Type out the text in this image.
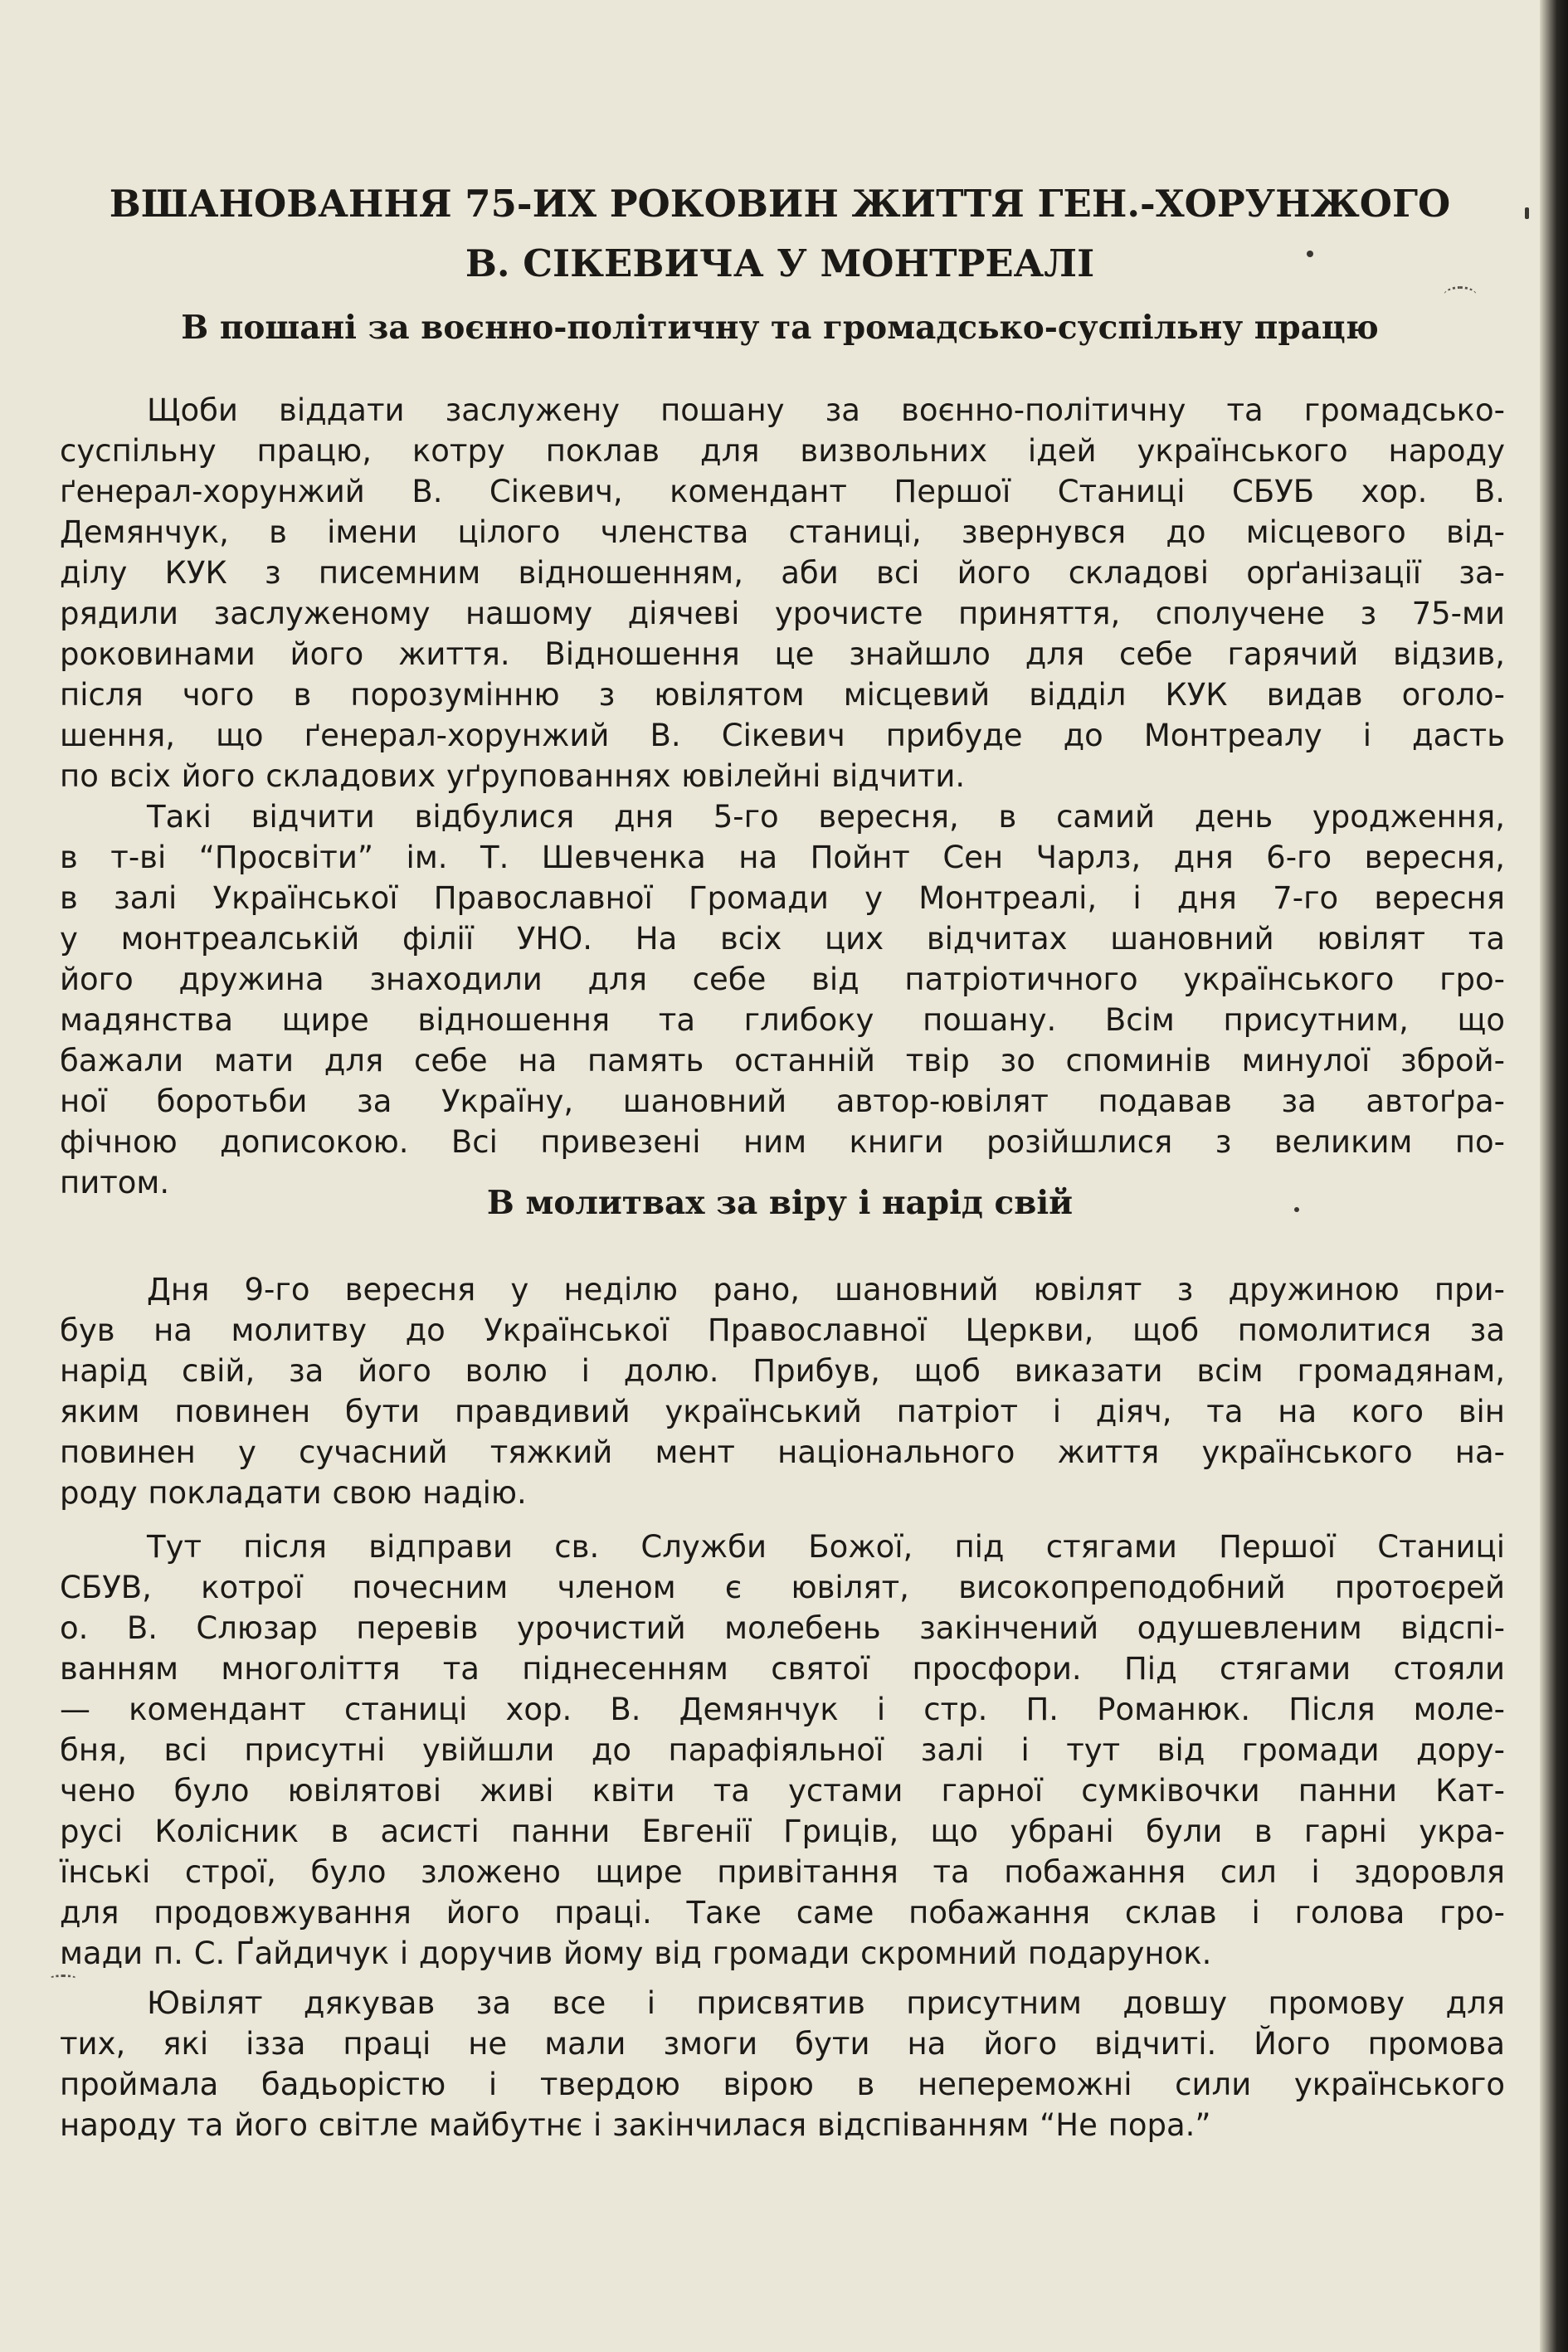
ВШАНОВАННЯ 75-ИХ РОКОВИН ЖИТТЯ ГЕН.-ХОРУНЖОГО
В. СІКЕВИЧА У МОНТРЕАЛІ
В пошані за воєнно-політичну та громадсько-суспільну працю

Щоби віддати заслужену пошану за воєнно-політичну та громадсько-
суспільну працю, котру поклав для визвольних ідей українського народу
ґенерал-хорунжий В. Сікевич, комендант Першої Станиці СБУБ хор. В.
Демянчук, в імени цілого членства станиці, звернувся до місцевого від-
ділу КУК з писемним відношенням, аби всі його складові орґанізації за-
рядили заслуженому нашому діячеві урочисте приняття, сполучене з 75-ми
роковинами його життя. Відношення це знайшло для себе гарячий відзив,
після чого в порозумінню з ювілятом місцевий відділ КУК видав оголо-
шення, що ґенерал-хорунжий В. Сікевич прибуде до Монтреалу і дасть
по всіх його складових уґрупованнях ювілейні відчити.

Такі відчити відбулися дня 5-го вересня, в самий день уродження,
в т-ві “Просвіти” ім. Т. Шевченка на Пойнт Сен Чарлз, дня 6-го вересня,
в залі Української Православної Громади у Монтреалі, і дня 7-го вересня
у монтреалській філії УНО. На всіх цих відчитах шановний ювілят та
його дружина знаходили для себе від патріотичного українського гро-
мадянства щире відношення та глибоку пошану. Всім присутним, що
бажали мати для себе на память останній твір зо споминів минулої збрoй-
ної боротьби за Україну, шановний автор-ювілят подавав за автоґра-
фічною дописокою. Всі привезені ним книги розійшлися з великим по-
питом.

В молитвах за віру і нарід свій

Дня 9-го вересня у неділю рано, шановний ювілят з дружиною при-
був на молитву до Української Православної Церкви, щоб помолитися за
нарід свій, за його волю і долю. Прибув, щоб виказати всім громадянам,
яким повинен бути правдивий український патріот і діяч, та на кого він
повинен у сучасний тяжкий мент національного життя українського на-
роду покладати свою надію.

Тут після відправи св. Служби Божої, під стягами Першої Станиці
СБУВ, котрої почесним членом є ювілят, високопреподобний протоєрей
о. В. Слюзар перевів урочистий молебень закінчений одушевленим відспі-
ванням многоліття та піднесенням святої просфори. Під стягами стояли
— комендант станиці хор. В. Демянчук і стр. П. Романюк. Після моле-
бня, всі присутні увійшли до парафіяльної залі і тут від громади дору-
чено було ювілятові живі квіти та устами гарної сумківочки панни Кат-
русі Колісник в асисті панни Евгенії Гриців, що убрані були в гарні укра-
їнські строї, було зложено щире привітання та побажання сил і здоровля
для продовжування його праці. Таке саме побажання склав і голова гро-
мади п. С. Ґайдичук і доручив йому від громади скромний подарунок.

Ювілят дякував за все і присвятив присутним довшу промову для
тих, які ізза праці не мали змоги бути на його відчиті. Його промова
проймала бадьорістю і твердою вірою в непереможні сили українського
народу та його світле майбутнє і закінчилася відспіванням “Не пора.”
